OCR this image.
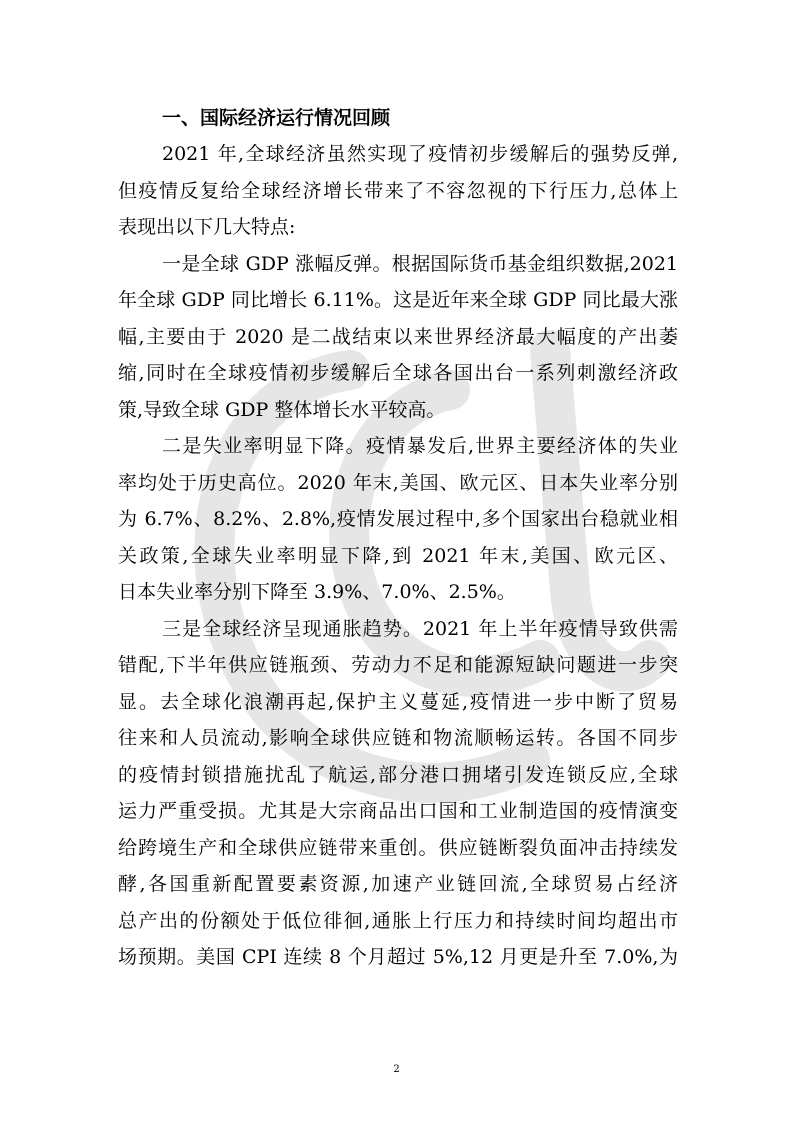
一、国际经济运行情况回顾

2021 年,全球经济虽然实现了疫情初步缓解后的强势反弹,
但疫情反复给全球经济增长带来了不容忽视的下行压力,总体上
表现出以下几大特点:

一是全球 GDP 涨幅反弹。根据国际货币基金组织数据,2021
年全球 GDP 同比增长 6.11%。这是近年来全球 GDP 同比最大涨
幅,主要由于 2020 是二战结束以来世界经济最大幅度的产出萎
缩,同时在全球疫情初步缓解后全球各国出台一系列刺激经济政
策,导致全球 GDP 整体增长水平较高。

二是失业率明显下降。疫情暴发后,世界主要经济体的失业
率均处于历史高位。2020 年末,美国、欧元区、日本失业率分别
为 6.7%、8.2%、2.8%,疫情发展过程中,多个国家出台稳就业相
关政策,全球失业率明显下降,到 2021 年末,美国、欧元区、
日本失业率分别下降至 3.9%、7.0%、2.5%。

三是全球经济呈现通胀趋势。2021 年上半年疫情导致供需
错配,下半年供应链瓶颈、劳动力不足和能源短缺问题进一步突
显。去全球化浪潮再起,保护主义蔓延,疫情进一步中断了贸易
往来和人员流动,影响全球供应链和物流顺畅运转。各国不同步
的疫情封锁措施扰乱了航运,部分港口拥堵引发连锁反应,全球
运力严重受损。尤其是大宗商品出口国和工业制造国的疫情演变
给跨境生产和全球供应链带来重创。供应链断裂负面冲击持续发
酵,各国重新配置要素资源,加速产业链回流,全球贸易占经济
总产出的份额处于低位徘徊,通胀上行压力和持续时间均超出市
场预期。美国 CPI 连续 8 个月超过 5%,12 月更是升至 7.0%,为

2
